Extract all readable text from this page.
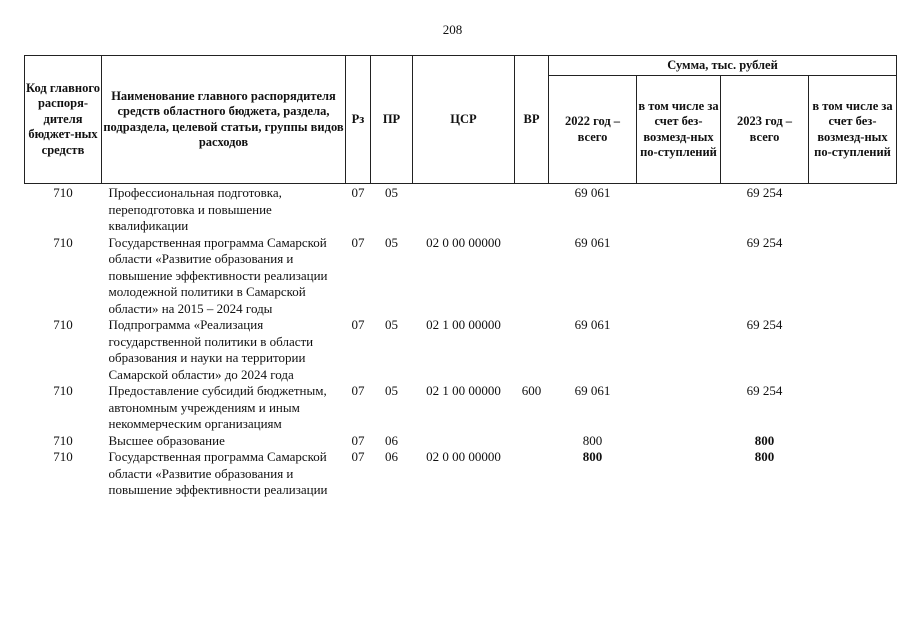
208
Код главного распоря-дителя бюджет-ных средств	Наименование главного распорядителя средств областного бюджета, раздела, подраздела, целевой статьи, группы видов расходов	Рз	ПР	ЦСР	ВР	Сумма, тыс. рублей			
						2022 год – всего	в том числе за счет без-возмезд-ных по-ступлений	2023 год – всего	в том числе за счет без-возмезд-ных по-ступлений
710	Профессиональная подготовка, переподготовка и повышение квалификации	07	05			69 061		69 254	
710	Государственная программа Самарской области «Развитие образования и повышение эффективности реализации молодежной политики в Самарской области» на 2015 – 2024 годы	07	05	02 0 00 00000		69 061		69 254	
710	Подпрограмма «Реализация государственной политики в области образования и науки на территории Самарской области» до 2024 года	07	05	02 1 00 00000		69 061		69 254	
710	Предоставление субсидий бюджетным, автономным учреждениям и иным некоммерческим организациям	07	05	02 1 00 00000	600	69 061		69 254	
710	Высшее образование	07	06			800		800	
710	Государственная программа Самарской области «Развитие образования и повышение эффективности реализации	07	06	02 0 00 00000		800		800	
